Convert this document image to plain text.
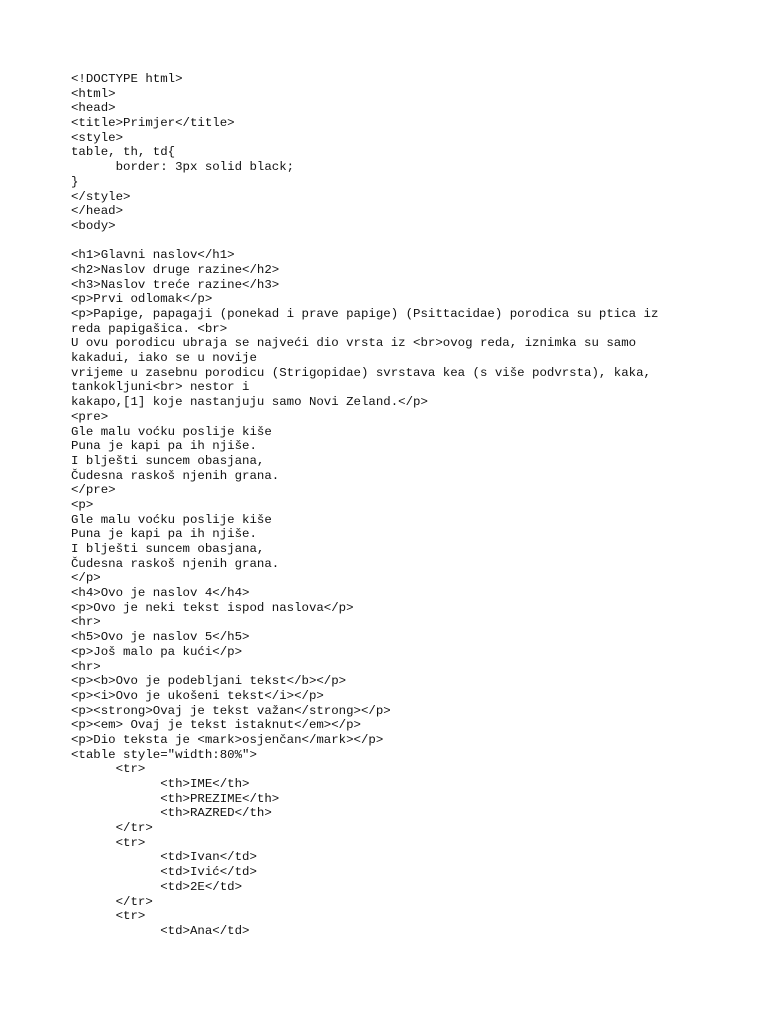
<!DOCTYPE html>
<html>
<head>
<title>Primjer</title>
<style>
table, th, td{
border: 3px solid black;
}
</style>
</head>
<body>
<h1>Glavni naslov</h1>
<h2>Naslov druge razine</h2>
<h3>Naslov treće razine</h3>
<p>Prvi odlomak</p>
<p>Papige, papagaji (ponekad i prave papige) (Psittacidae) porodica su ptica iz
reda papigašica. <br>
U ovu porodicu ubraja se najveći dio vrsta iz <br>ovog reda, iznimka su samo
kakadui, iako se u novije
vrijeme u zasebnu porodicu (Strigopidae) svrstava kea (s više podvrsta), kaka,
tankokljuni<br> nestor i
kakapo,[1] koje nastanjuju samo Novi Zeland.</p>
<pre>
Gle malu voćku poslije kiše
Puna je kapi pa ih njiše.
I blješti suncem obasjana,
Čudesna raskoš njenih grana.
</pre>
<p>
Gle malu voćku poslije kiše
Puna je kapi pa ih njiše.
I blješti suncem obasjana,
Čudesna raskoš njenih grana.
</p>
<h4>Ovo je naslov 4</h4>
<p>Ovo je neki tekst ispod naslova</p>
<hr>
<h5>Ovo je naslov 5</h5>
<p>Još malo pa kući</p>
<hr>
<p><b>Ovo je podebljani tekst</b></p>
<p><i>Ovo je ukošeni tekst</i></p>
<p><strong>Ovaj je tekst važan</strong></p>
<p><em> Ovaj je tekst istaknut</em></p>
<p>Dio teksta je <mark>osjenčan</mark></p>
<table style="width:80%">
<tr>
<th>IME</th>
<th>PREZIME</th>
<th>RAZRED</th>
</tr>
<tr>
<td>Ivan</td>
<td>Ivić</td>
<td>2E</td>
</tr>
<tr>
<td>Ana</td>
